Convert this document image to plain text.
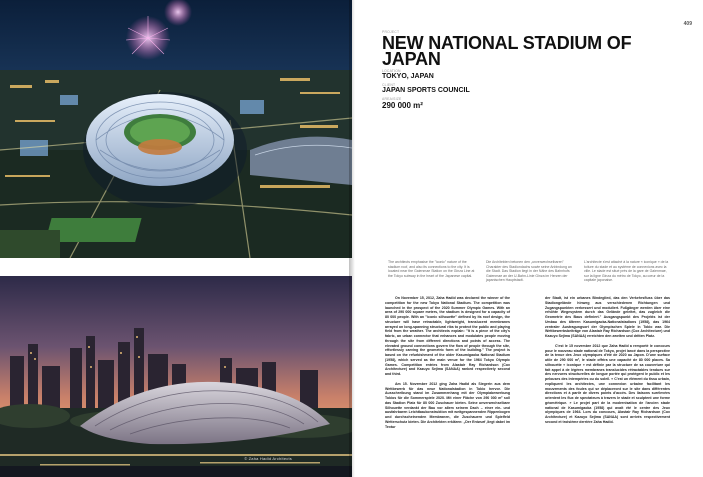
© Zaha Hadid Architects
409
PROJECT
NEW NATIONAL STADIUM OF JAPAN
LOCATION
TOKYO, JAPAN
CLIENT
JAPAN SPORTS COUNCIL
AREA/SIZE
290 000 m²
The architects emphasise the "iconic" nature of the stadium roof, and also its connections to the city. It is located near the Gaienmae Station on the Ginza Line at the Tokyo subway in the heart of the Japanese capital.
Die Architekten betonen den „unverwechselbaren" Charakter des Stadiondachs sowie seine Anbindung an die Stadt. Das Stadion liegt in der Nähe des Bahnhofs Gaienmae an der U-Bahn-Linie Ginza im Herzen der japanischen Hauptstadt.
L'architecte s'est attaché à la nature « iconique » de la toiture du stade et au système de connexions avec la ville. Le stade est situé près de la gare de Gaienmae, sur la ligne Ginza du métro de Tokyo, au cœur de la capitale japonaise.

On November 15, 2012, Zaha Hadid was declared the winner of the competition for the new Tokyo National Stadium. The competition was launched in the prospect of the 2020 Summer Olympic Games. With an area of 290 000 square meters, the stadium is designed for a capacity of 80 000 people. With an "iconic silhouette" defined by its roof design, the structure will have retractable, lightweight, translucent membranes arrayed on long-spanning structural ribs to protect the public and playing field from the weather. The architects explain: "It is a piece of the city's fabric, an urban connector that enhances and modulates people moving through the site from different directions and points of access. The elevated ground connections govern the flow of people through the site, effortlessly carving the geometric form of the building." The project is based on the refurbishment of the older Kasumigaoka National Stadium (1958), which served as the main venue for the 1964 Tokyo Olympic Games. Competition entries from Alastair Ray Richardson (Cox Architecture) and Kazuyo Sejima (SANAA) ranked respectively second and third.

Am 15. November 2012 ging Zaha Hadid als Siegerin aus dem Wettbewerb für das neue Nationalstadion in Tokio hervor. Die Ausschreibung stand im Zusammenhang mit der Olympiabewerbung Tokios für die Sommerspiele 2020. Mit einer Fläche von 290 000 m² soll das Stadion Platz für 80 000 Zuschauer bieten. Seine unverwechselbare Silhouette verdankt der Bau vor allem seinem Dach – einer ein- und ausfahrbaren Leichtbaukonstruktion mit weitgespannenden Rippenbogen und durchscheinenden Membranen, die Zuschauern und Spielfeld Wetterschutz bieten. Die Architekten erklären: „Der Entwurf ‚liegt dabei im Textur

der Stadt, ist ein urbanes Bindeglied, das den Verkehrsfluss über das Stadiongelände hinweg aus verschiedenen Richtungen und Zugangspunkten verbessert und moduliert. Fußgänger werden über eine erhöhte Wegesystem durch das Gelände geleitet, das zugleich die Geometrie des Baus definiert." Ausgangspunkt des Projekts ist der Umbau des älteren Kasumigaoka-Nationalstadions (1958), das 1964 zentraler Austragungsort der Olympischen Spiele in Tokio war. Die Wettbewerbsbeiträge von Alastair Ray Richardson (Cox Architecture) und Kazuyo Sejima (SANAA) erreichten den zweiten und dritten Platz.

C'est le 15 novembre 2012 que Zaha Hadid a remporté le concours pour le nouveau stade national de Tokyo, projet lancé dans la perspective de la tenue des Jeux olympiques d'été de 2020 au Japon. D'une surface utile de 290 000 m², le stade offrira une capacité de 80 000 places. Sa silhouette « iconique » est définie par la structure de sa couverture qui fait appel à de légères membranes translucides rétractables tendues sur des nervures structurelles de longue portée qui protègent le public et les pelouses des intempéries ou du soleil. « C'est un élément du tissu urbain, expliquent les architectes, une connexion urbaine facilitant les mouvements des foules qui se déplaceront sur le site dans différentes directions et à partir de divers points d'accès. Des liaisons surélevées orientent les flux de spectateurs à travers le stade et sculptent une forme géométrique. » Le projet part de la modernisation de l'ancien stade national de Kasumigaoka (1958) qui avait été le centre des Jeux olympiques de 1964. Lors du concours, Alastair Ray Richardson (Cox Architecture) et Kazuyo Sejima (SANAA) sont arrivés respectivement second et troisième derrière Zaha Hadid.
